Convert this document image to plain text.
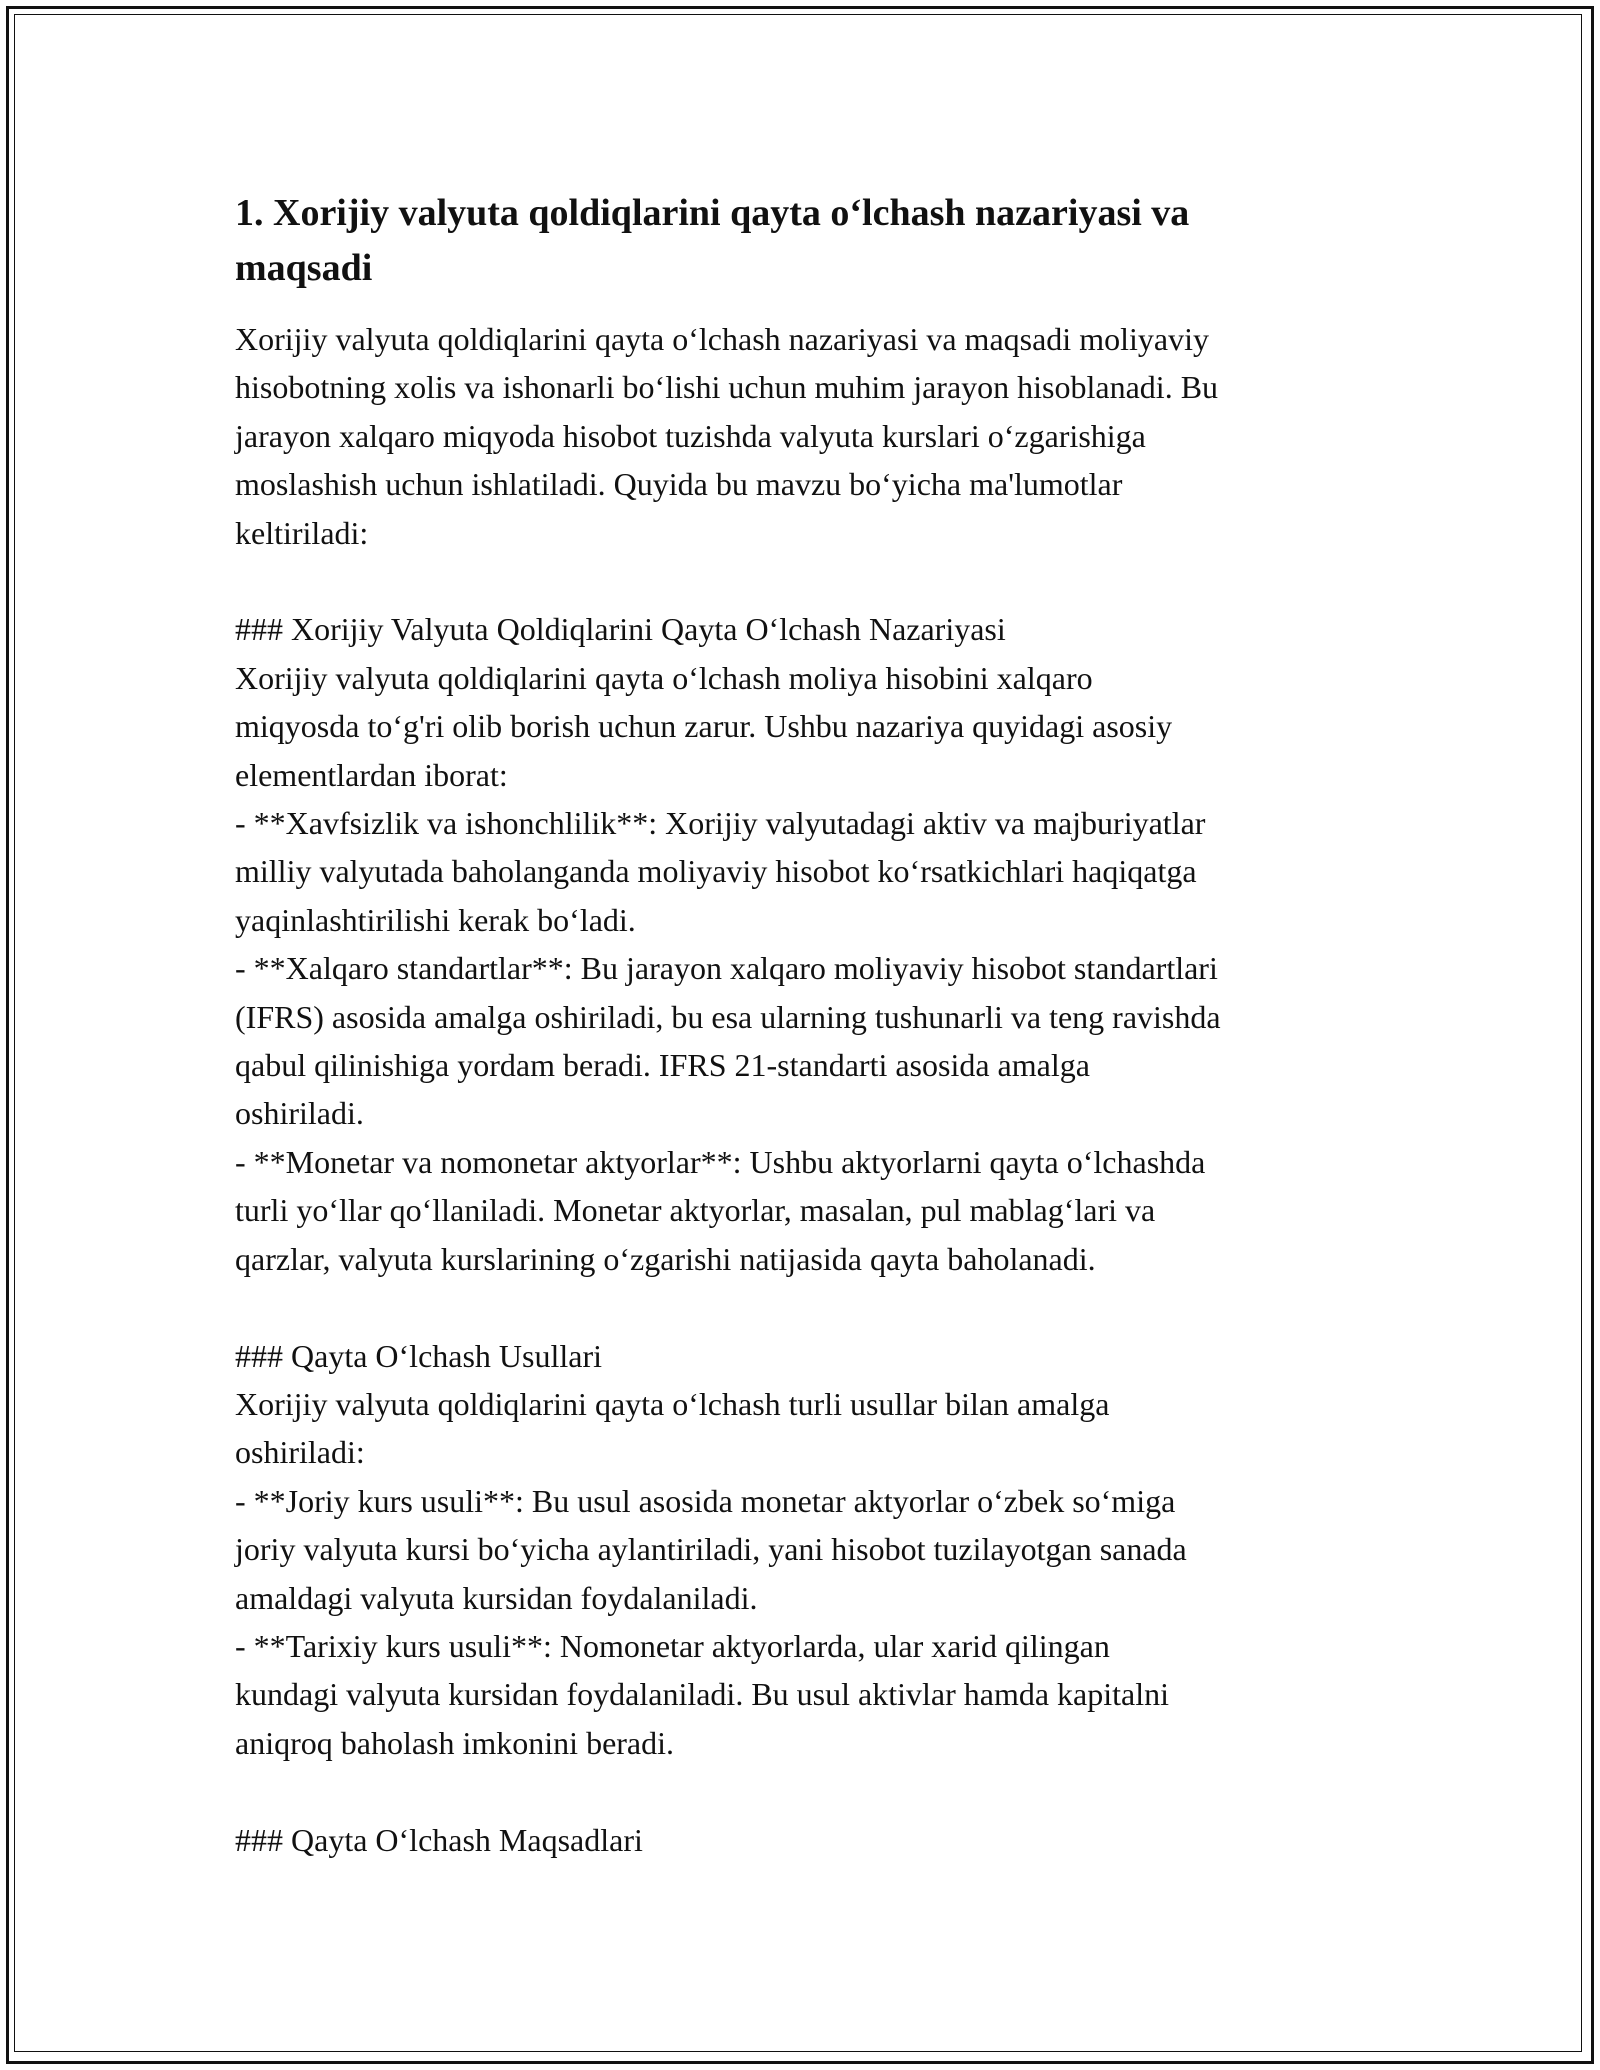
1. Xorijiy valyuta qoldiqlarini qayta o‘lchash nazariyasi va
maqsadi
Xorijiy valyuta qoldiqlarini qayta o‘lchash nazariyasi va maqsadi moliyaviy
hisobotning xolis va ishonarli bo‘lishi uchun muhim jarayon hisoblanadi. Bu
jarayon xalqaro miqyoda hisobot tuzishda valyuta kurslari o‘zgarishiga
moslashish uchun ishlatiladi. Quyida bu mavzu bo‘yicha ma'lumotlar
keltiriladi:
### Xorijiy Valyuta Qoldiqlarini Qayta O‘lchash Nazariyasi
Xorijiy valyuta qoldiqlarini qayta o‘lchash moliya hisobini xalqaro
miqyosda to‘g'ri olib borish uchun zarur. Ushbu nazariya quyidagi asosiy
elementlardan iborat:
- **Xavfsizlik va ishonchlilik**: Xorijiy valyutadagi aktiv va majburiyatlar
milliy valyutada baholanganda moliyaviy hisobot ko‘rsatkichlari haqiqatga
yaqinlashtirilishi kerak bo‘ladi.
- **Xalqaro standartlar**: Bu jarayon xalqaro moliyaviy hisobot standartlari
(IFRS) asosida amalga oshiriladi, bu esa ularning tushunarli va teng ravishda
qabul qilinishiga yordam beradi. IFRS 21-standarti asosida amalga
oshiriladi.
- **Monetar va nomonetar aktyorlar**: Ushbu aktyorlarni qayta o‘lchashda
turli yo‘llar qo‘llaniladi. Monetar aktyorlar, masalan, pul mablag‘lari va
qarzlar, valyuta kurslarining o‘zgarishi natijasida qayta baholanadi.
### Qayta O‘lchash Usullari
Xorijiy valyuta qoldiqlarini qayta o‘lchash turli usullar bilan amalga
oshiriladi:
- **Joriy kurs usuli**: Bu usul asosida monetar aktyorlar o‘zbek so‘miga
joriy valyuta kursi bo‘yicha aylantiriladi, yani hisobot tuzilayotgan sanada
amaldagi valyuta kursidan foydalaniladi.
- **Tarixiy kurs usuli**: Nomonetar aktyorlarda, ular xarid qilingan
kundagi valyuta kursidan foydalaniladi. Bu usul aktivlar hamda kapitalni
aniqroq baholash imkonini beradi.
### Qayta O‘lchash Maqsadlari
